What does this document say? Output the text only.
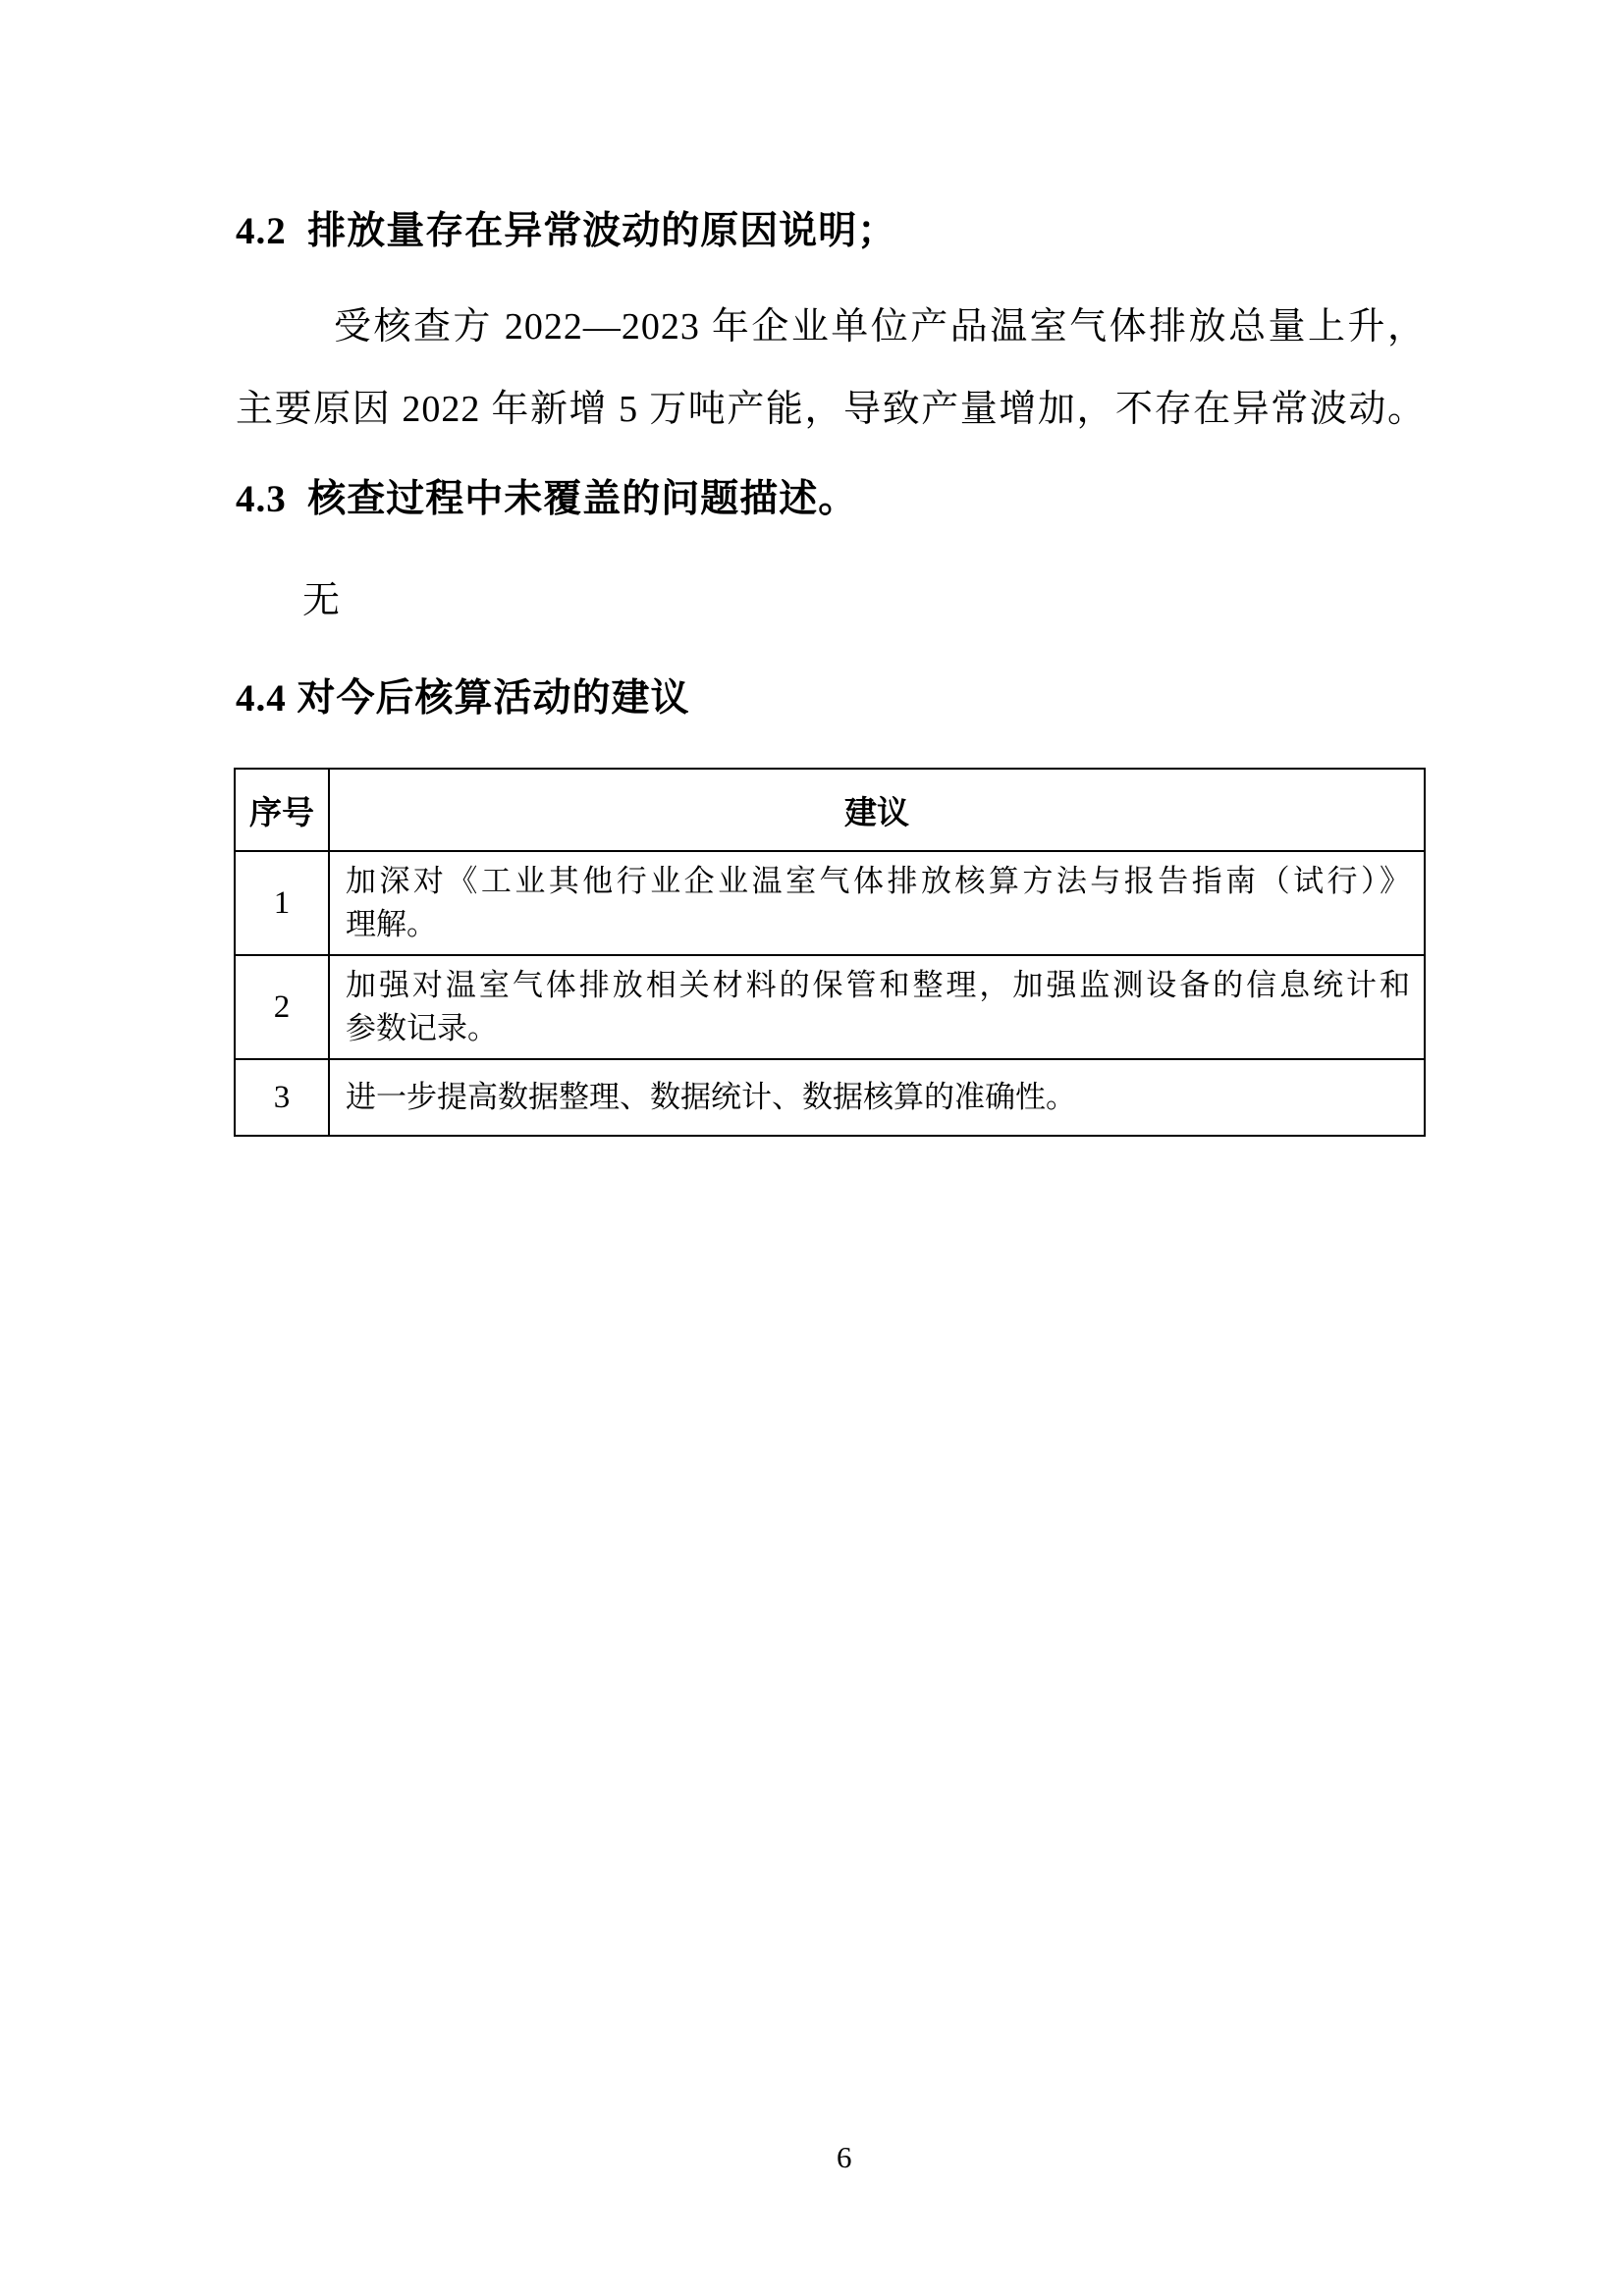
4.2  排放量存在异常波动的原因说明；
受核查方 2022—2023 年企业单位产品温室气体排放总量上升，
主要原因 2022 年新增 5 万吨产能，导致产量增加，不存在异常波动。
4.3  核查过程中未覆盖的问题描述。
无
4.4 对今后核算活动的建议
序号	建议
1	加深对《工业其他行业企业温室气体排放核算方法与报告指南（试行）》
理解。

2	加强对温室气体排放相关材料的保管和整理，加强监测设备的信息统计和
参数记录。

3	进一步提高数据整理、数据统计、数据核算的准确性。
6
